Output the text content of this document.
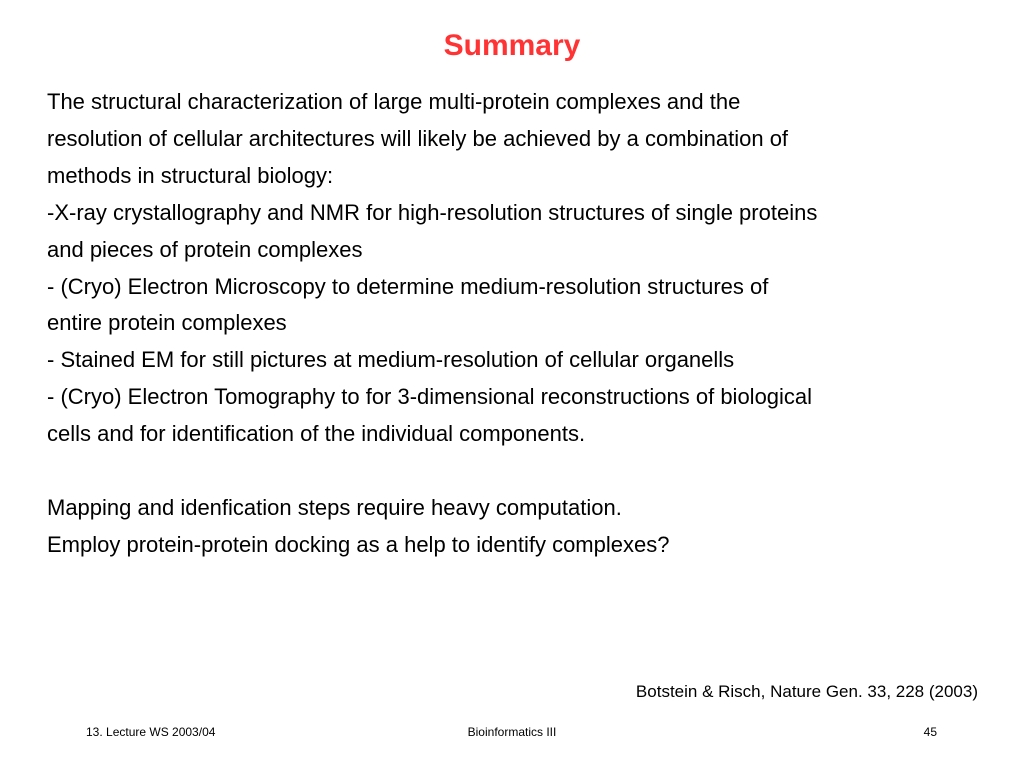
Summary
The structural characterization of large multi-protein complexes and the
resolution of cellular architectures will likely be achieved by a combination of
methods in structural biology:
-X-ray crystallography and NMR for high-resolution structures of single proteins
and pieces of protein complexes
- (Cryo) Electron Microscopy to determine medium-resolution structures of
entire protein complexes
- Stained EM for still pictures at medium-resolution of cellular organells
- (Cryo) Electron Tomography to for 3-dimensional reconstructions of biological
cells and for identification of the individual components.
Mapping and idenfication steps require heavy computation.
Employ protein-protein docking as a help to identify complexes?
Botstein & Risch, Nature Gen. 33, 228 (2003)
13. Lecture WS 2003/04	Bioinformatics III	45
